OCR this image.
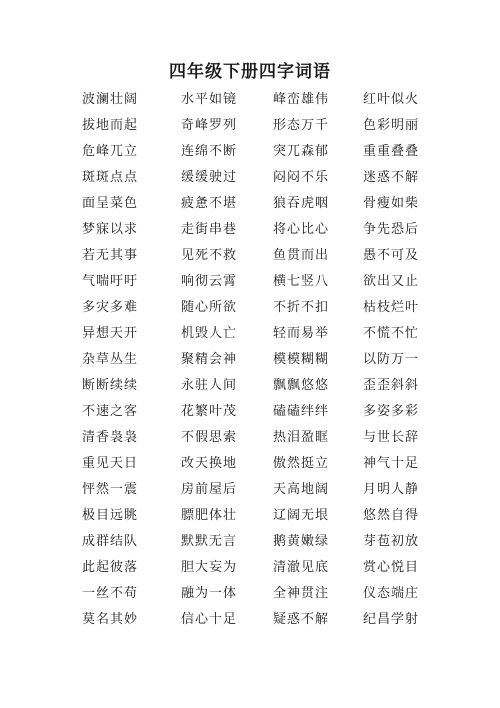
四年级下册四字词语
波澜壮阔	水平如镜	峰峦雄伟	红叶似火
拔地而起	奇峰罗列	形态万千	色彩明丽
危峰兀立	连绵不断	突兀森郁	重重叠叠
斑斑点点	缓缓驶过	闷闷不乐	迷惑不解
面呈菜色	疲惫不堪	狼吞虎咽	骨瘦如柴
梦寐以求	走街串巷	将心比心	争先恐后
若无其事	见死不救	鱼贯而出	愚不可及
气喘吁吁	响彻云霄	横七竖八	欲出又止
多灾多难	随心所欲	不折不扣	枯枝烂叶
异想天开	机毁人亡	轻而易举	不慌不忙
杂草丛生	聚精会神	模模糊糊	以防万一
断断续续	永驻人间	飘飘悠悠	歪歪斜斜
不速之客	花繁叶茂	磕磕绊绊	多姿多彩
清香袅袅	不假思索	热泪盈眶	与世长辞
重见天日	改天换地	傲然挺立	神气十足
怦然一震	房前屋后	天高地阔	月明人静
极目远眺	膘肥体壮	辽阔无垠	悠然自得
成群结队	默默无言	鹅黄嫩绿	芽苞初放
此起彼落	胆大妄为	清澈见底	赏心悦目
一丝不苟	融为一体	全神贯注	仪态端庄
莫名其妙	信心十足	疑惑不解	纪昌学射
